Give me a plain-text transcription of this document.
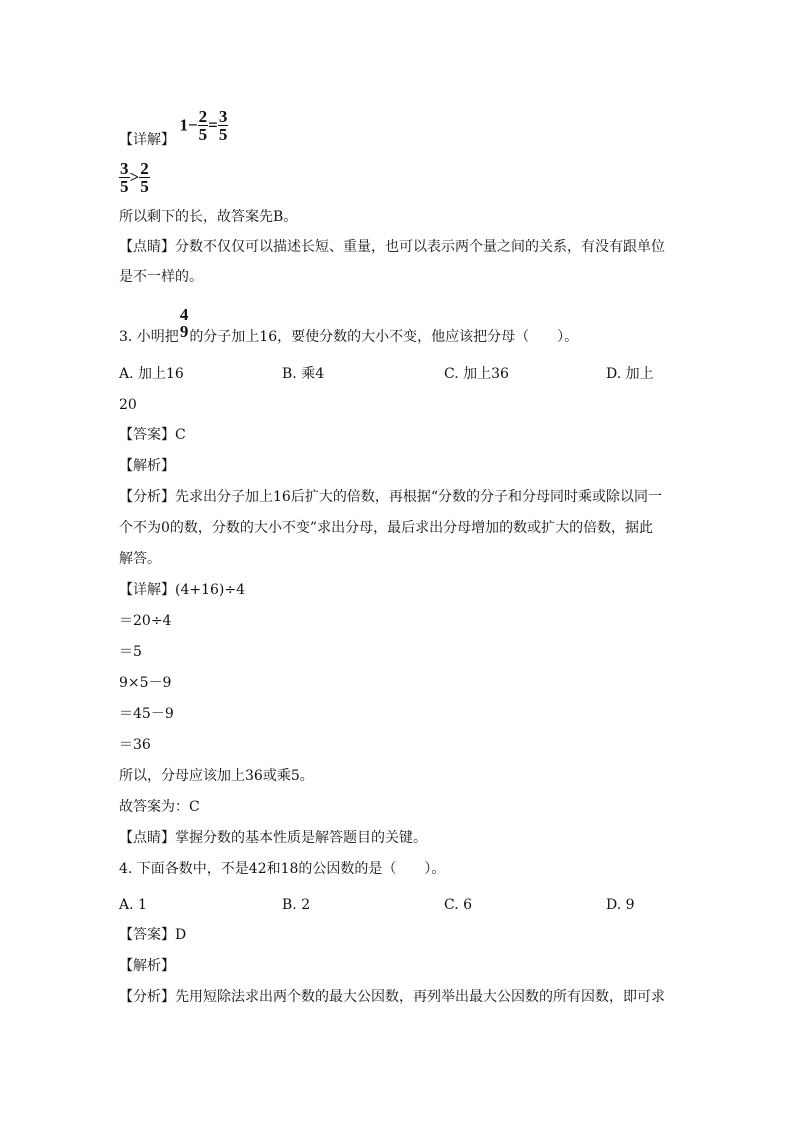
【详解】 $1- \frac{2}{5} = \frac{3}{5}$
$\frac{3}{5} > \frac{2}{5}$
所以剩下的长，故答案先B。
【点睛】分数不仅仅可以描述长短、重量，也可以表示两个量之间的关系，有没有跟单位
是不一样的。
3. 小明把
4
9 的分子加上16，要使分数的大小不变，他应该把分母（　　）。
A. 加上16	B. 乘4	C. 加上36	D. 加上
20
【答案】C
【解析】
【分析】先求出分子加上16后扩大的倍数，再根据“分数的分子和分母同时乘或除以同一
个不为0的数，分数的大小不变”求出分母，最后求出分母增加的数或扩大的倍数，据此
解答。
【详解】(4+16)÷4
＝20÷4
＝5
9×5－9
＝45－9
＝36
所以，分母应该加上36或乘5。
故答案为：C
【点睛】掌握分数的基本性质是解答题目的关键。
4. 下面各数中，不是42和18的公因数的是（　　）。
A. 1	B. 2	C. 6	D. 9
【答案】D
【解析】
【分析】先用短除法求出两个数的最大公因数，再列举出最大公因数的所有因数，即可求
